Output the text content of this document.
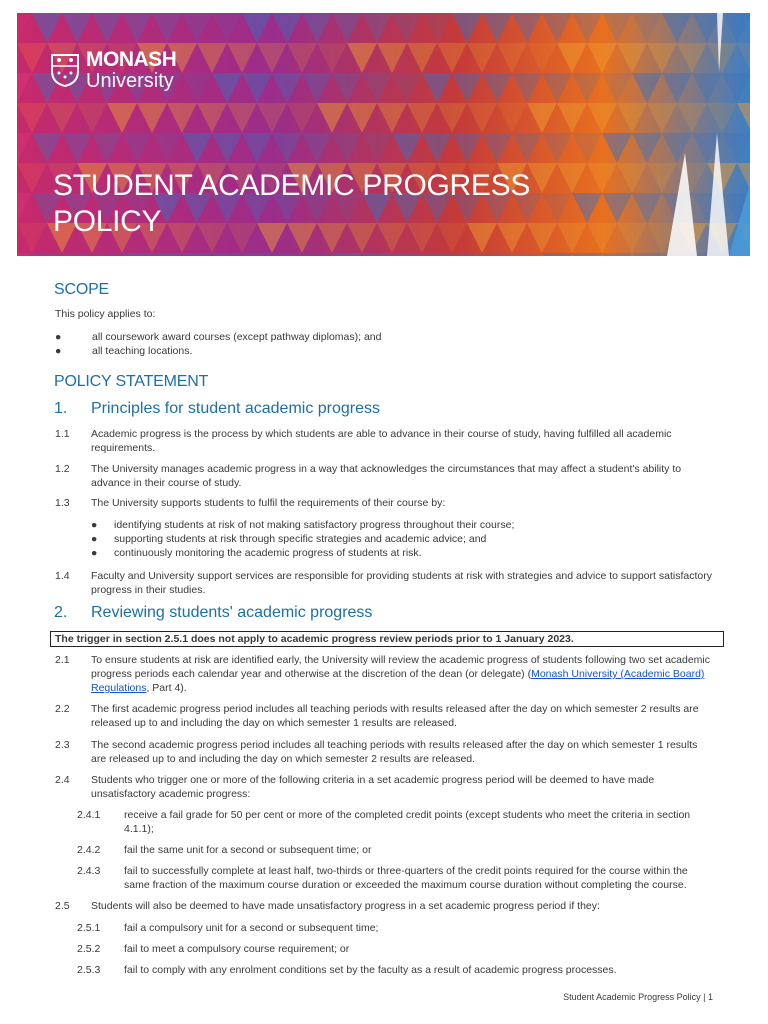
MONASH
University
STUDENT ACADEMIC PROGRESS
POLICY
SCOPE
This policy applies to:
●	all coursework award courses (except pathway diplomas); and
●	all teaching locations.
POLICY STATEMENT
1. Principles for student academic progress
1.1	Academic progress is the process by which students are able to advance in their course of study, having fulfilled all academic requirements.
1.2	The University manages academic progress in a way that acknowledges the circumstances that may affect a student's ability to advance in their course of study.
1.3	The University supports students to fulfil the requirements of their course by:
●	identifying students at risk of not making satisfactory progress throughout their course;
●	supporting students at risk through specific strategies and academic advice; and
●	continuously monitoring the academic progress of students at risk.
1.4	Faculty and University support services are responsible for providing students at risk with strategies and advice to support satisfactory progress in their studies.
2. Reviewing students' academic progress
The trigger in section 2.5.1 does not apply to academic progress review periods prior to 1 January 2023.
2.1	To ensure students at risk are identified early, the University will review the academic progress of students following two set academic progress periods each calendar year and otherwise at the discretion of the dean (or delegate) (Monash University (Academic Board) Regulations, Part 4).
2.2	The first academic progress period includes all teaching periods with results released after the day on which semester 2 results are released up to and including the day on which semester 1 results are released.
2.3	The second academic progress period includes all teaching periods with results released after the day on which semester 1 results are released up to and including the day on which semester 2 results are released.
2.4	Students who trigger one or more of the following criteria in a set academic progress period will be deemed to have made unsatisfactory academic progress:
2.4.1	receive a fail grade for 50 per cent or more of the completed credit points (except students who meet the criteria in section 4.1.1);
2.4.2	fail the same unit for a second or subsequent time; or
2.4.3	fail to successfully complete at least half, two-thirds or three-quarters of the credit points required for the course within the same fraction of the maximum course duration or exceeded the maximum course duration without completing the course.
2.5	Students will also be deemed to have made unsatisfactory progress in a set academic progress period if they:
2.5.1	fail a compulsory unit for a second or subsequent time;
2.5.2	fail to meet a compulsory course requirement; or
2.5.3	fail to comply with any enrolment conditions set by the faculty as a result of academic progress processes.
Student Academic Progress Policy | 1
